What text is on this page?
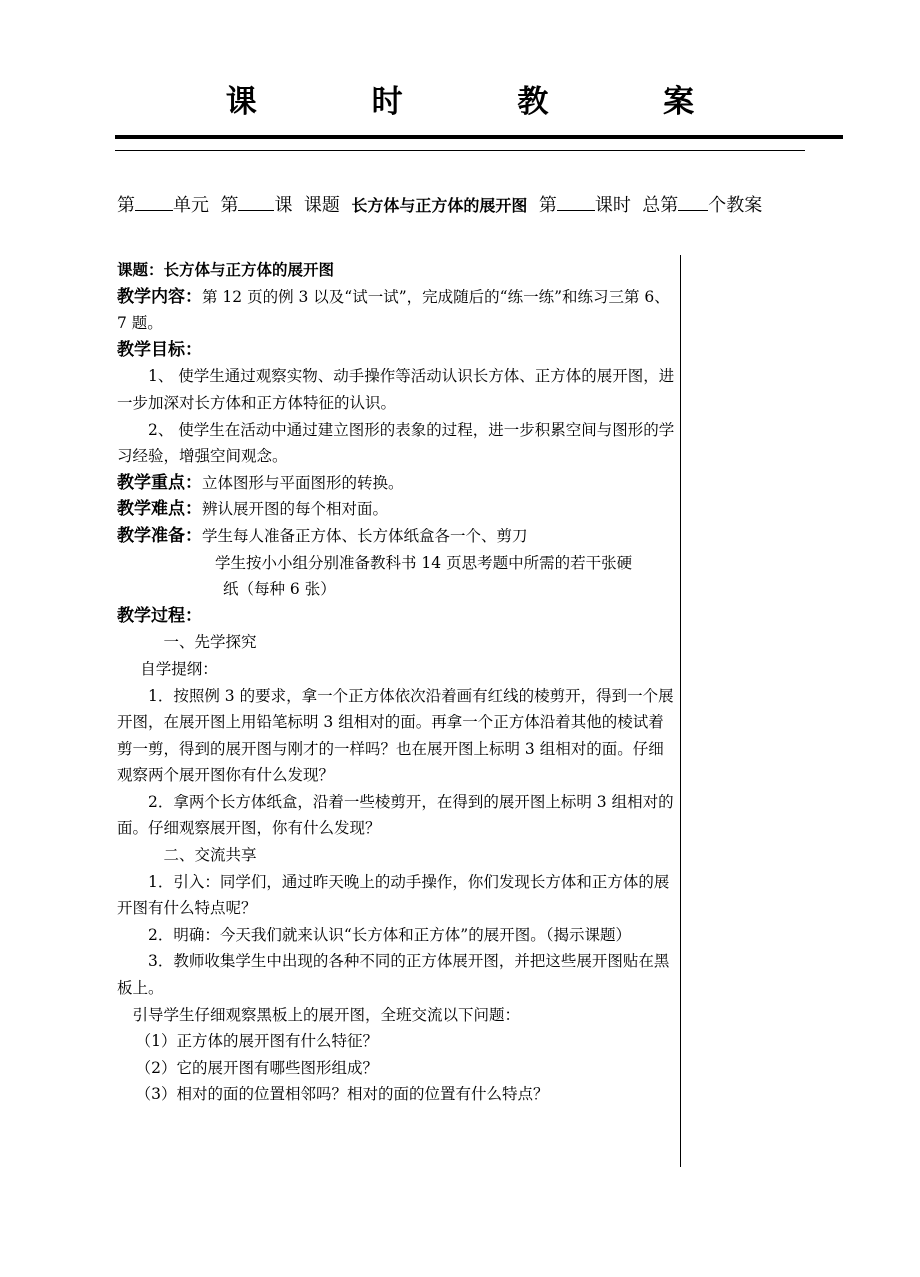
课 时 教 案
第 单元 第 课 课题 长方体与正方体的展开图 第 课时 总第 个教案

课题：长方体与正方体的展开图

教学内容：第 12 页的例 3 以及“试一试”，完成随后的“练一练”和练习三第 6、7 题。

教学目标：

1、 使学生通过观察实物、动手操作等活动认识长方体、正方体的展开图，进一步加深对长方体和正方体特征的认识。

2、 使学生在活动中通过建立图形的表象的过程，进一步积累空间与图形的学习经验，增强空间观念。

教学重点：立体图形与平面图形的转换。

教学难点：辨认展开图的每个相对面。

教学准备：学生每人准备正方体、长方体纸盒各一个、剪刀

学生按小小组分别准备教科书 14 页思考题中所需的若干张硬

纸（每种 6 张）

教学过程：

一、先学探究

自学提纲：

1．按照例 3 的要求，拿一个正方体依次沿着画有红线的棱剪开，得到一个展开图，在展开图上用铅笔标明 3 组相对的面。再拿一个正方体沿着其他的棱试着剪一剪，得到的展开图与刚才的一样吗？也在展开图上标明 3 组相对的面。仔细观察两个展开图你有什么发现？

2．拿两个长方体纸盒，沿着一些棱剪开，在得到的展开图上标明 3 组相对的面。仔细观察展开图，你有什么发现？

二、交流共享

1．引入：同学们，通过昨天晚上的动手操作，你们发现长方体和正方体的展开图有什么特点呢？

2．明确：今天我们就来认识“长方体和正方体”的展开图。（揭示课题）

3．教师收集学生中出现的各种不同的正方体展开图，并把这些展开图贴在黑板上。

引导学生仔细观察黑板上的展开图，全班交流以下问题：

（1）正方体的展开图有什么特征？

（2）它的展开图有哪些图形组成？

（3）相对的面的位置相邻吗？相对的面的位置有什么特点？
